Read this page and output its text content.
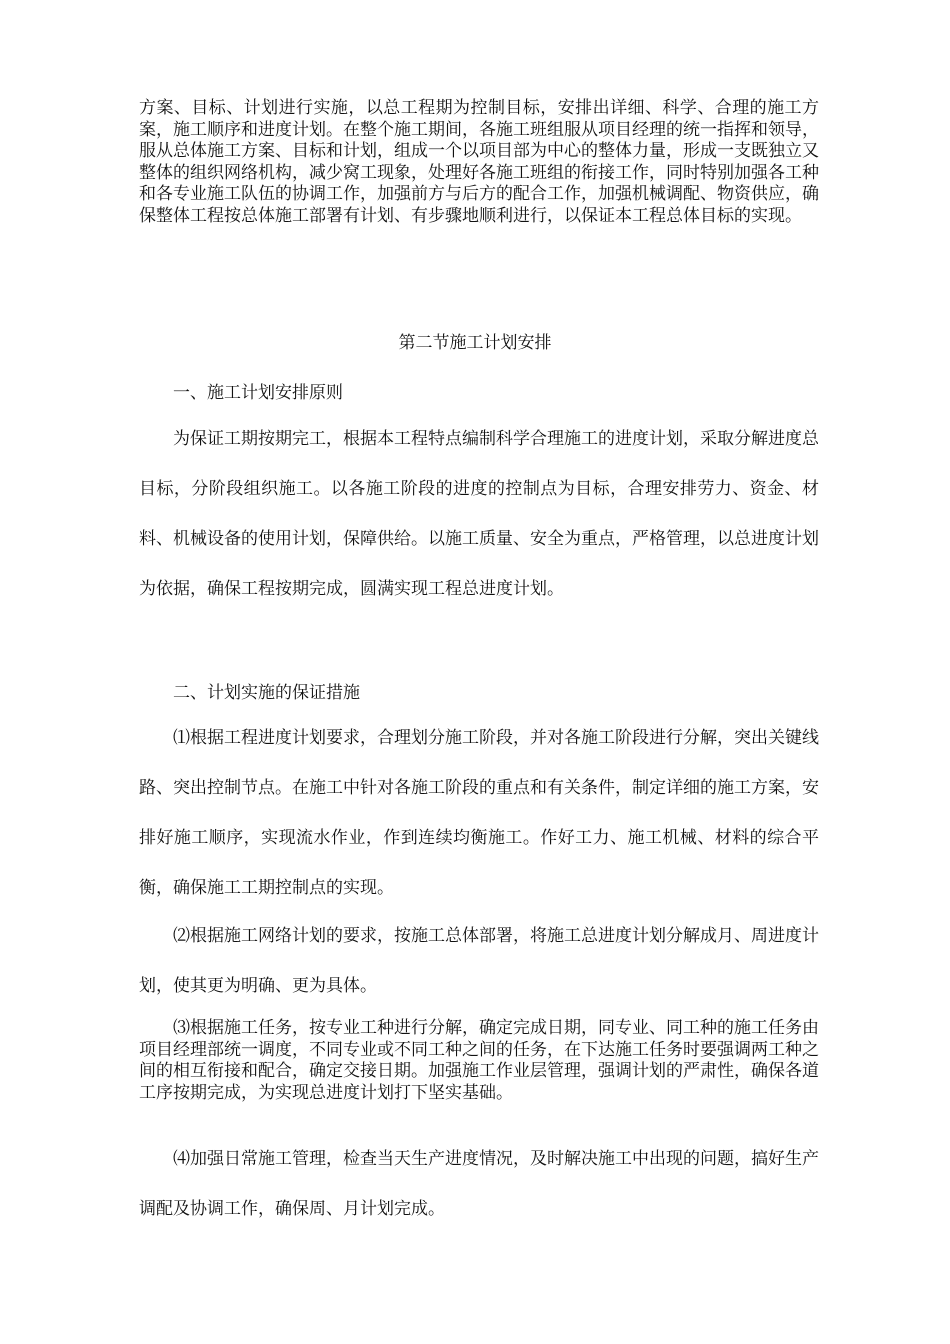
方案、目标、计划进行实施，以总工程期为控制目标，安排出详细、科学、合理的施工方案，施工顺序和进度计划。在整个施工期间，各施工班组服从项目经理的统一指挥和领导，服从总体施工方案、目标和计划，组成一个以项目部为中心的整体力量，形成一支既独立又整体的组织网络机构，减少窝工现象，处理好各施工班组的衔接工作，同时特别加强各工种和各专业施工队伍的协调工作，加强前方与后方的配合工作，加强机械调配、物资供应，确保整体工程按总体施工部署有计划、有步骤地顺利进行，以保证本工程总体目标的实现。

第二节施工计划安排

一、施工计划安排原则

为保证工期按期完工，根据本工程特点编制科学合理施工的进度计划，采取分解进度总目标，分阶段组织施工。以各施工阶段的进度的控制点为目标，合理安排劳力、资金、材料、机械设备的使用计划，保障供给。以施工质量、安全为重点，严格管理，以总进度计划为依据，确保工程按期完成，圆满实现工程总进度计划。

二、计划实施的保证措施

⑴根据工程进度计划要求，合理划分施工阶段，并对各施工阶段进行分解，突出关键线路、突出控制节点。在施工中针对各施工阶段的重点和有关条件，制定详细的施工方案，安排好施工顺序，实现流水作业，作到连续均衡施工。作好工力、施工机械、材料的综合平衡，确保施工工期控制点的实现。

⑵根据施工网络计划的要求，按施工总体部署，将施工总进度计划分解成月、周进度计划，使其更为明确、更为具体。

⑶根据施工任务，按专业工种进行分解，确定完成日期，同专业、同工种的施工任务由项目经理部统一调度，不同专业或不同工种之间的任务，在下达施工任务时要强调两工种之间的相互衔接和配合，确定交接日期。加强施工作业层管理，强调计划的严肃性，确保各道工序按期完成，为实现总进度计划打下坚实基础。

⑷加强日常施工管理，检查当天生产进度情况，及时解决施工中出现的问题，搞好生产调配及协调工作，确保周、月计划完成。
